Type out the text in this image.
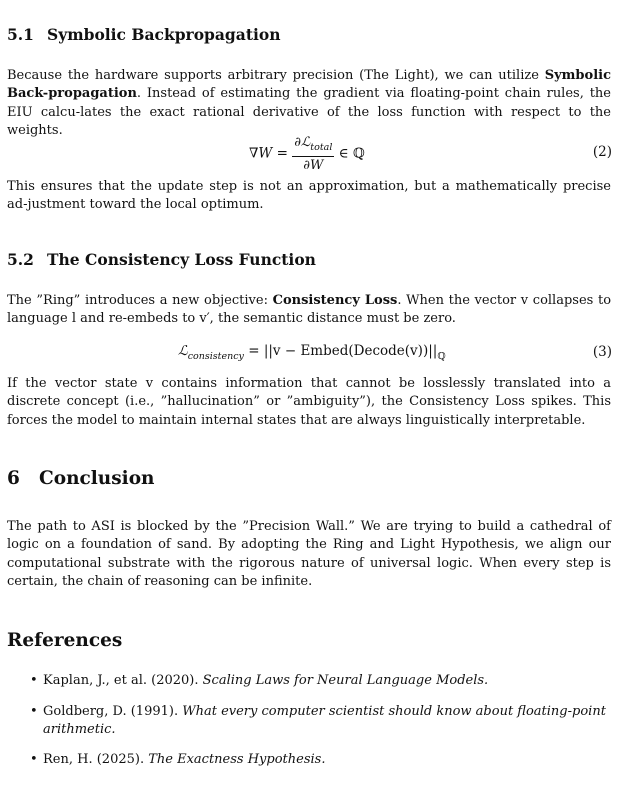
5.1 Symbolic Backpropagation
Because the hardware supports arbitrary precision (The Light), we can utilize Symbolic Back-propagation. Instead of estimating the gradient via floating-point chain rules, the EIU calcu-lates the exact rational derivative of the loss function with respect to the weights.
$\nabla W = \frac{\partial ℒ_{total}}{\partial W}$ ∈ ℚ	(2)
This ensures that the update step is not an approximation, but a mathematically precise ad-justment toward the local optimum.
5.2 The Consistency Loss Function
The ”Ring” introduces a new objective: Consistency Loss. When the vector v collapses to language l and re-embeds to v′, the semantic distance must be zero.
ℒ$_{consistency}$ = $||v - Embed(Decode(v))||_ℚ$	(3)
If the vector state v contains information that cannot be losslessly translated into a discrete concept (i.e., ”hallucination” or ”ambiguity”), the Consistency Loss spikes. This forces the model to maintain internal states that are always linguistically interpretable.
6 Conclusion
The path to ASI is blocked by the ”Precision Wall.” We are trying to build a cathedral of logic on a foundation of sand. By adopting the Ring and Light Hypothesis, we align our computational substrate with the rigorous nature of universal logic. When every step is certain, the chain of reasoning can be infinite.
References
• Kaplan, J., et al. (2020). Scaling Laws for Neural Language Models.
• Goldberg, D. (1991). What every computer scientist should know about floating-point arithmetic.
• Ren, H. (2025). The Exactness Hypothesis.
